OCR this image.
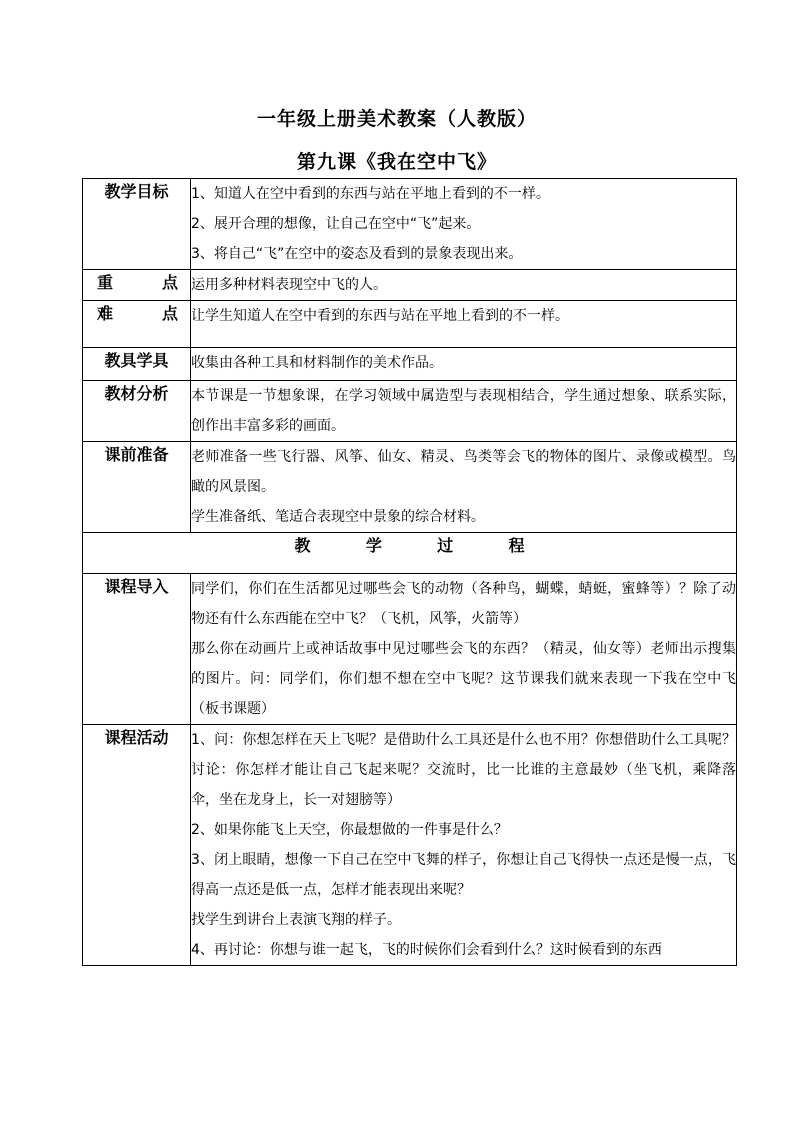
一年级上册美术教案（人教版）
第九课《我在空中飞》
教学目标	1、知道人在空中看到的东西与站在平地上看到的不一样。

2、展开合理的想像，让自己在空中“飞”起来。

3、将自己“飞”在空中的姿态及看到的景象表现出来。

重 点	运用多种材料表现空中飞的人。

难 点	让学生知道人在空中看到的东西与站在平地上看到的不一样。

教具学具	收集由各种工具和材料制作的美术作品。

教材分析	本节课是一节想象课，在学习领域中属造型与表现相结合，学生通过想象、联系实际，创作出丰富多彩的画面。

课前准备	老师准备一些飞行器、风筝、仙女、精灵、鸟类等会飞的物体的图片、录像或模型。鸟瞰的风景图。

学生准备纸、笔适合表现空中景象的综合材料。

教 学 过 程	

课程导入	同学们，你们在生活都见过哪些会飞的动物（各种鸟，蝴蝶，蜻蜓，蜜蜂等）？除了动物还有什么东西能在空中飞？（飞机，风筝，火箭等）

那么你在动画片上或神话故事中见过哪些会飞的东西？（精灵，仙女等）老师出示搜集的图片。问：同学们，你们想不想在空中飞呢？这节课我们就来表现一下我在空中飞（板书课题）

课程活动	1、问：你想怎样在天上飞呢？是借助什么工具还是什么也不用？你想借助什么工具呢？讨论：你怎样才能让自己飞起来呢？交流时，比一比谁的主意最妙（坐飞机，乘降落伞，坐在龙身上，长一对翅膀等）

2、如果你能飞上天空，你最想做的一件事是什么？

3、闭上眼睛，想像一下自己在空中飞舞的样子，你想让自己飞得快一点还是慢一点，飞得高一点还是低一点，怎样才能表现出来呢？

找学生到讲台上表演飞翔的样子。

4、再讨论：你想与谁一起飞，飞的时候你们会看到什么？这时候看到的东西
